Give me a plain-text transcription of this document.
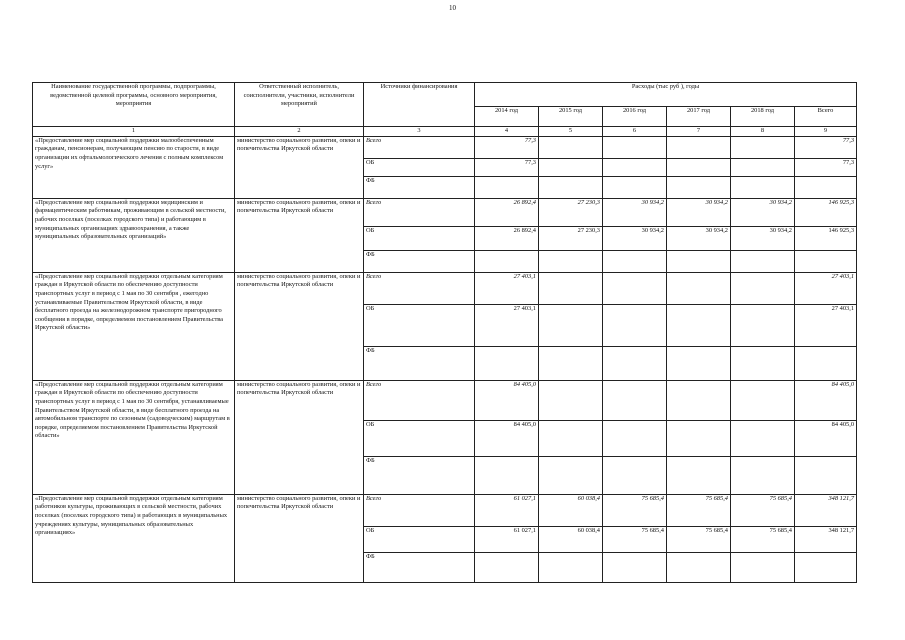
10
Наименование государственной программы, подпрограммы, ведомственной целевой программы, основного мероприятия, мероприятия	Ответственный исполнитель, соисполнители, участники, исполнители мероприятий	Источники финансирования	Расходы (тыс руб ), годы					
			2014 год	2015 год	2016 год	2017 год	2018 год	Всего
1	2	3	4	5	6	7	8	9
«Предоставление мер социальной поддержки малообеспеченным гражданам, пенсионерам, получающим пенсию по старости, в виде организации их офтальмологического лечения с полным комплексом услуг»	министерство социального развития, опеки и попечительства Иркутской области	Всего	77,3					77,3
		ОБ	77,3					77,3
		ФБ						
«Предоставление мер социальной поддержки медицинским и фармацевтическим работникам, проживающим в сельской местности, рабочих поселках (поселках городского типа) и работающим в муниципальных организациях здравоохранения, а также муниципальных образовательных организаций»	министерство социального развития, опеки и попечительства Иркутской области	Всего	26 892,4	27 230,3	30 934,2	30 934,2	30 934,2	146 925,3
		ОБ	26 892,4	27 230,3	30 934,2	30 934,2	30 934,2	146 925,3
		ФБ						
«Предоставление мер социальной поддержки отдельным категориям граждан в Иркутской области по обеспечению доступности транспортных услуг в период с 1 мая по 30 сентября , ежегодно устанавливаемые Правительством Иркутской области, в виде бесплатного проезда на железнодорожном транспорте пригородного сообщения в порядке, определяемом постановлением Правительства Иркутской области»	министерство социального развития, опеки и попечительства Иркутской области	Всего	27 403,1					27 403,1
		ОБ	27 403,1					27 403,1
		ФБ						
«Предоставление мер социальной поддержки отдельным категориям граждан в Иркутской области по обеспечению доступности транспортных услуг в период с 1 мая по 30 сентября, устанавливаемые Правительством Иркутской области, в виде бесплатного проезда на автомобильном транспорте по сезонным (садоводческим) маршрутам в порядке, определяемом постановлением Правительства Иркутской области»	министерство социального развития, опеки и попечительства Иркутской области	Всего	84 405,0					84 405,0
		ОБ	84 405,0					84 405,0
		ФБ						
«Предоставление мер социальной поддержки отдельным категориям работников культуры, проживающих в сельской местности, рабочих поселках (поселках городского типа) и работающих в муниципальных учреждениях культуры, муниципальных образовательных организациях»	министерство социального развития, опеки и попечительства Иркутской области	Всего	61 027,1	60 038,4	75 685,4	75 685,4	75 685,4	348 121,7
		ОБ	61 027,1	60 038,4	75 685,4	75 685,4	75 685,4	348 121,7
		ФБ						
